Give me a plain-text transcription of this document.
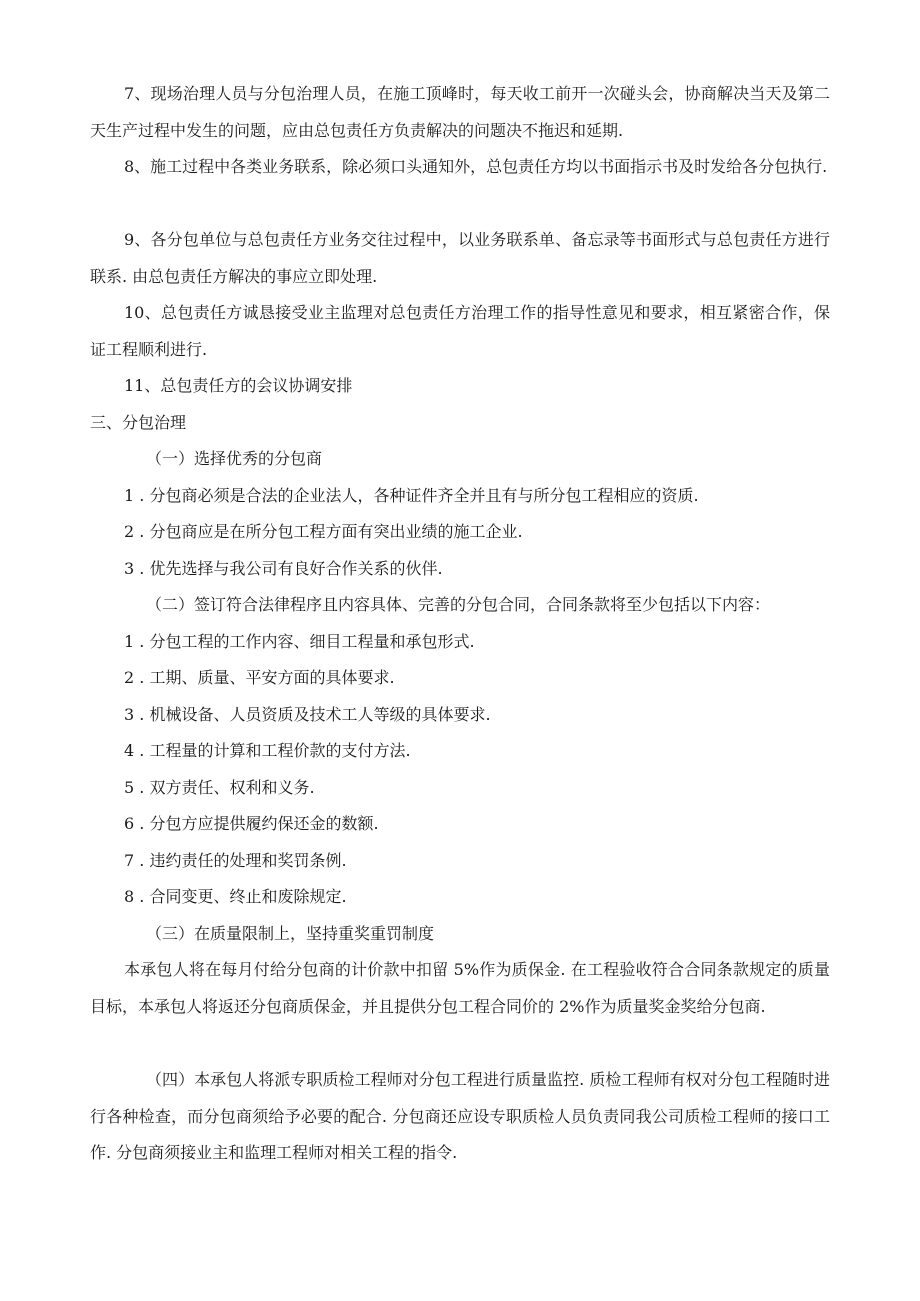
7、现场治理人员与分包治理人员，在施工顶峰时，每天收工前开一次碰头会，协商解决当天及第二天生产过程中发生的问题，应由总包责任方负责解决的问题决不拖迟和延期.

8、施工过程中各类业务联系，除必须口头通知外，总包责任方均以书面指示书及时发给各分包执行.

9、各分包单位与总包责任方业务交往过程中，以业务联系单、备忘录等书面形式与总包责任方进行联系. 由总包责任方解决的事应立即处理.

10、总包责任方诚恳接受业主监理对总包责任方治理工作的指导性意见和要求，相互紧密合作，保证工程顺利进行.

11、总包责任方的会议协调安排

三、分包治理

（一）选择优秀的分包商

1 . 分包商必须是合法的企业法人，各种证件齐全并且有与所分包工程相应的资质.

2 . 分包商应是在所分包工程方面有突出业绩的施工企业.

3 . 优先选择与我公司有良好合作关系的伙伴.

（二）签订符合法律程序且内容具体、完善的分包合同，合同条款将至少包括以下内容：

1 . 分包工程的工作内容、细目工程量和承包形式.

2 . 工期、质量、平安方面的具体要求.

3 . 机械设备、人员资质及技术工人等级的具体要求.

4 . 工程量的计算和工程价款的支付方法.

5 . 双方责任、权利和义务.

6 . 分包方应提供履约保还金的数额.

7 . 违约责任的处理和奖罚条例.

8 . 合同变更、终止和废除规定.

（三）在质量限制上，坚持重奖重罚制度

本承包人将在每月付给分包商的计价款中扣留 5%作为质保金. 在工程验收符合合同条款规定的质量目标，本承包人将返还分包商质保金，并且提供分包工程合同价的 2%作为质量奖金奖给分包商.

（四）本承包人将派专职质检工程师对分包工程进行质量监控. 质检工程师有权对分包工程随时进行各种检查，而分包商须给予必要的配合. 分包商还应设专职质检人员负责同我公司质检工程师的接口工作. 分包商须接业主和监理工程师对相关工程的指令.
